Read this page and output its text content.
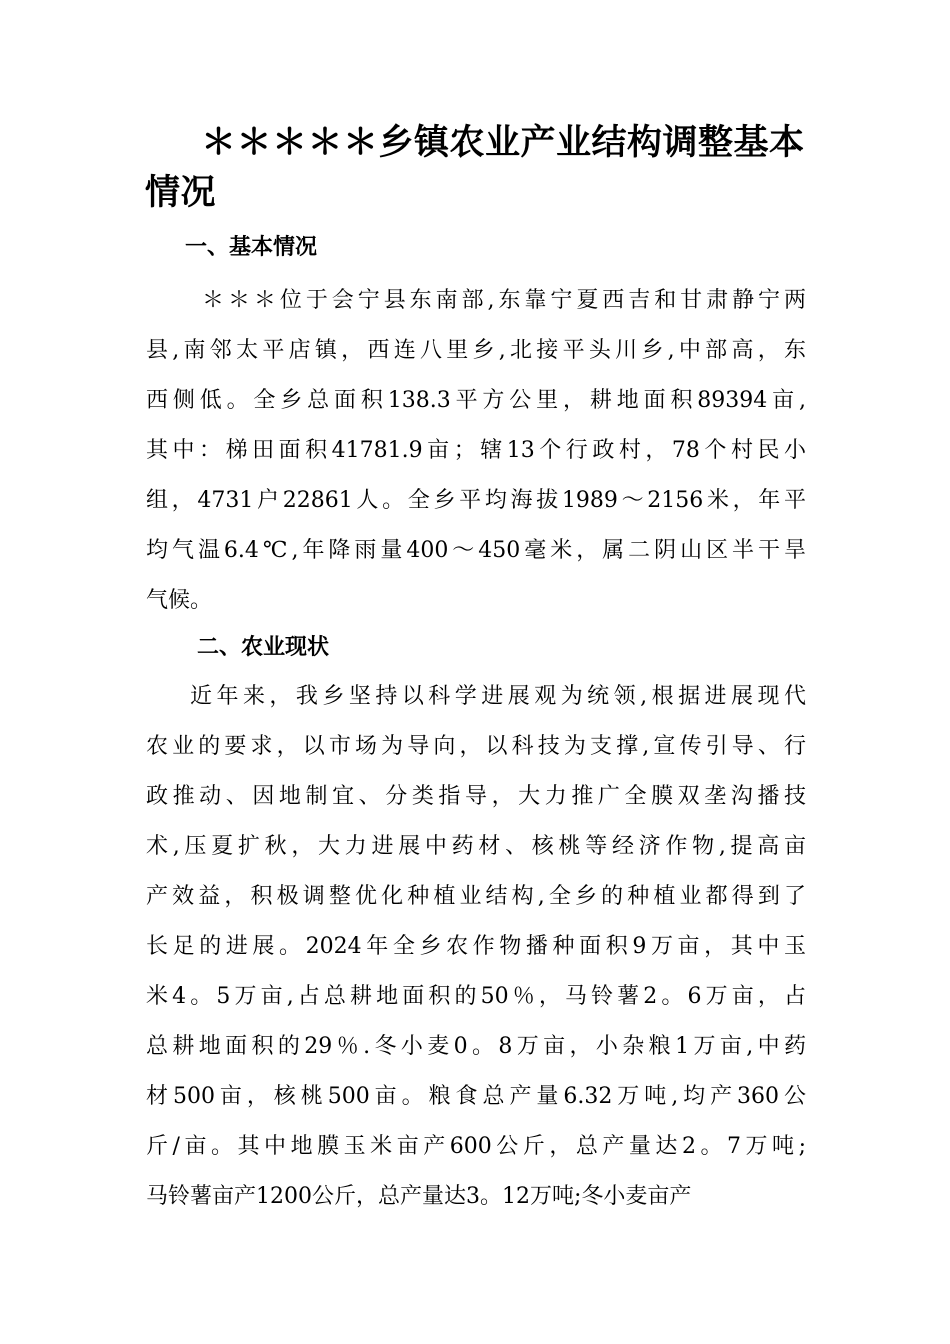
＊＊＊＊＊乡镇农业产业结构调整基本情况
一、基本情况
＊＊＊位于会宁县东南部,东靠宁夏西吉和甘肃静宁两
县,南邻太平店镇，西连八里乡,北接平头川乡,中部高，东
西侧低。全乡总面积138.3平方公里，耕地面积89394亩,
其中：梯田面积41781.9亩；辖13个行政村，78个村民小
组，4731户22861人。全乡平均海拔1989～2156米，年平
均气温6.4℃,年降雨量400～450毫米，属二阴山区半干旱
气候。
二、农业现状
近年来，我乡坚持以科学进展观为统领,根据进展现代
农业的要求，以市场为导向，以科技为支撑,宣传引导、行
政推动、因地制宜、分类指导，大力推广全膜双垄沟播技
术,压夏扩秋，大力进展中药材、核桃等经济作物,提高亩
产效益，积极调整优化种植业结构,全乡的种植业都得到了
长足的进展。2024年全乡农作物播种面积9万亩，其中玉
米4。5万亩,占总耕地面积的50％，马铃薯2。6万亩，占
总耕地面积的29％.冬小麦0。8万亩，小杂粮1万亩,中药
材500亩，核桃500亩。粮食总产量6.32万吨,均产360公
斤/亩。其中地膜玉米亩产600公斤，总产量达2。7万吨;
马铃薯亩产1200公斤，总产量达3。12万吨;冬小麦亩产
